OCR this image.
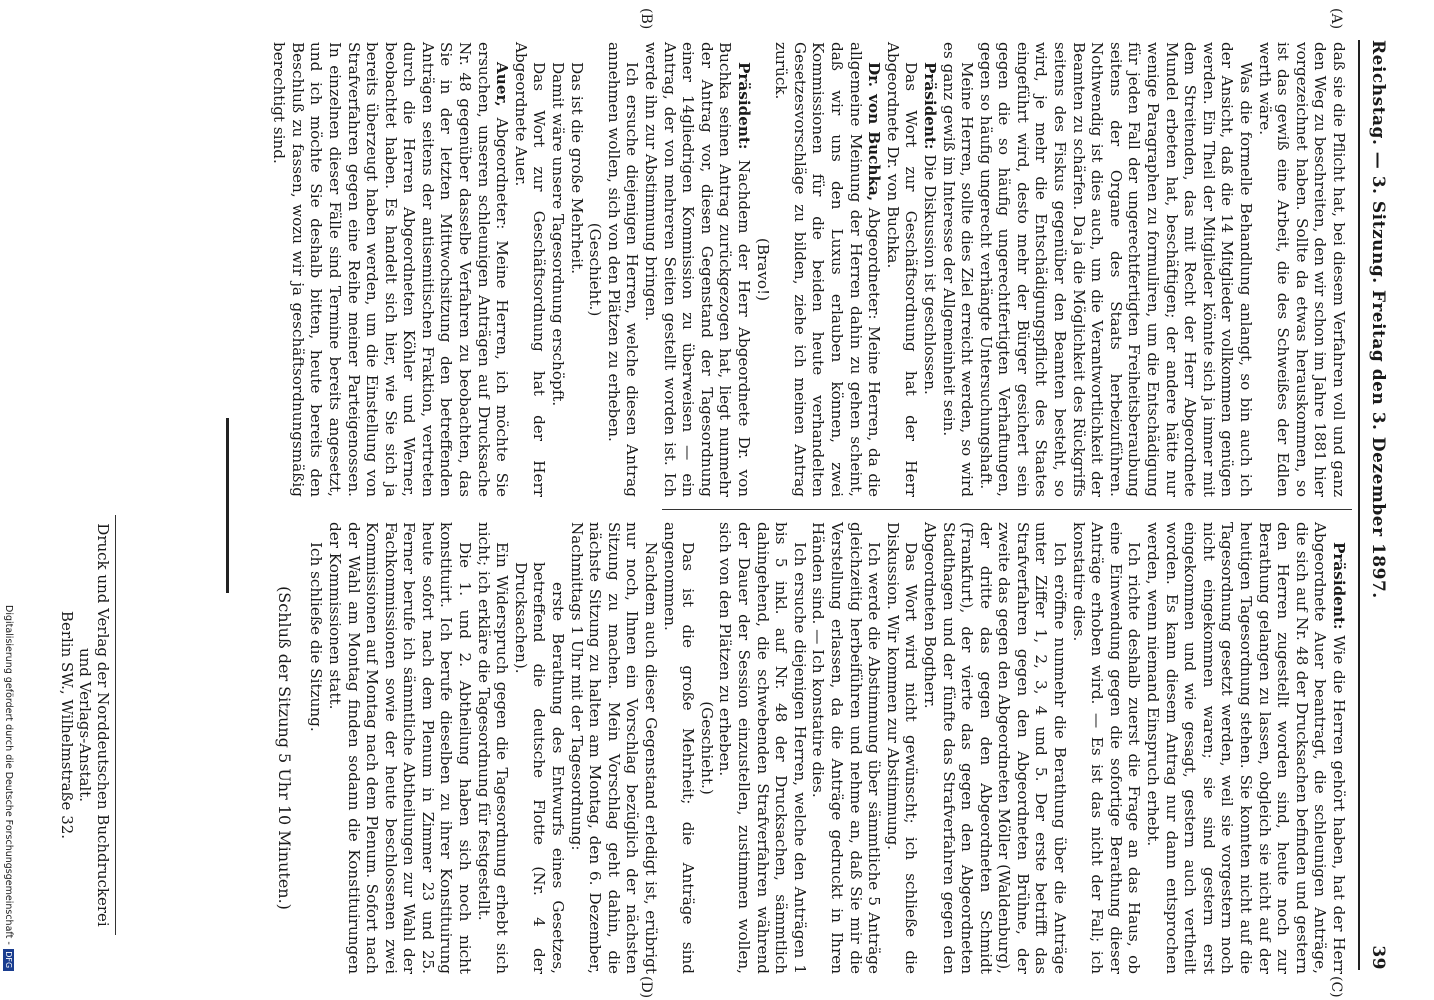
Reichstag. — 3. Sitzung. Freitag den 3. Dezember 1897.
39
(A)
(B)
(C)
(D)

daß sie die Pflicht hat, bei diesem Verfahren voll und ganz den Weg zu beschreiten, den wir schon im Jahre 1881 hier vorgezeichnet haben. Sollte da etwas herauskommen, so ist das gewiß eine Arbeit, die des Schweißes der Edlen werth wäre.

Was die formelle Behandlung anlangt, so bin auch ich der Ansicht, daß die 14 Mitglieder vollkommen genügen werden. Ein Theil der Mitglieder könnte sich ja immer mit dem Streitenden, das mit Recht der Herr Abgeordnete Mundel erbeten hat, beschäftigen; der andere hätte nur wenige Paragraphen zu formuliren, um die Entschädigung für jeden Fall der ungerechtfertigten Freiheitsberaubung seitens der Organe des Staats herbeizuführen. Nothwendig ist dies auch, um die Verantwortlichkeit der Beamten zu schärfen. Da ja die Möglichkeit des Rückgriffs seitens des Fiskus gegenüber den Beamten besteht, so wird, je mehr die Entschädigungspflicht des Staates eingeführt wird, desto mehr der Bürger gesichert sein gegen die so häufig ungerechtfertigten Verhaftungen, gegen so häufig ungerecht verhängte Untersuchungshaft.

Meine Herren, sollte dies Ziel erreicht werden, so wird es ganz gewiß im Interesse der Allgemeinheit sein.

Präsident: Die Diskussion ist geschlossen.

Das Wort zur Geschäftsordnung hat der Herr Abgeordnete Dr. von Buchka.

Dr. von Buchka, Abgeordneter: Meine Herren, da die allgemeine Meinung der Herren dahin zu gehen scheint, daß wir uns den Luxus erlauben können, zwei Kommissionen für die beiden heute verhandelten Gesetzesvorschläge zu bilden, ziehe ich meinen Antrag zurück.

(Bravo!)

Präsident: Nachdem der Herr Abgeordnete Dr. von Buchka seinen Antrag zurückgezogen hat, liegt nunmehr der Antrag vor, diesen Gegenstand der Tagesordnung einer 14gliedrigen Kommission zu überweisen — ein Antrag, der von mehreren Seiten gestellt worden ist. Ich werde ihn zur Abstimmung bringen.

Ich ersuche diejenigen Herren, welche diesen Antrag annehmen wollen, sich von den Plätzen zu erheben.

(Geschieht.)

Das ist die große Mehrheit.

Damit wäre unsere Tagesordnung erschöpft.

Das Wort zur Geschäftsordnung hat der Herr Abgeordnete Auer.

Auer, Abgeordneter: Meine Herren, ich möchte Sie ersuchen, unseren schleunigen Anträgen auf Drucksache Nr. 48 gegenüber dasselbe Verfahren zu beobachten, das Sie in der letzten Mittwochsitzung den betreffenden Anträgen seitens der antisemitischen Fraktion, vertreten durch die Herren Abgeordneten Köhler und Werner, beobachtet haben. Es handelt sich hier, wie Sie sich ja bereits überzeugt haben werden, um die Einstellung von Strafverfahren gegen eine Reihe meiner Parteigenossen. In einzelnen dieser Fälle sind Termine bereits angesetzt, und ich möchte Sie deshalb bitten, heute bereits den Beschluß zu fassen, wozu wir ja geschäftsordnungsmäßig berechtigt sind.

Präsident: Wie die Herren gehört haben, hat der Herr Abgeordnete Auer beantragt, die schleunigen Anträge, die sich auf Nr. 48 der Drucksachen befinden und gestern den Herren zugestellt worden sind, heute noch zur Berathung gelangen zu lassen, obgleich sie nicht auf der heutigen Tagesordnung stehen. Sie konnten nicht auf die Tagesordnung gesetzt werden, weil sie vorgestern noch nicht eingekommen waren; sie sind gestern erst eingekommen und wie gesagt, gestern auch vertheilt worden. Es kann diesem Antrag nur dann entsprochen werden, wenn niemand Einspruch erhebt.

Ich richte deshalb zuerst die Frage an das Haus, ob eine Einwendung gegen die sofortige Berathung dieser Anträge erhoben wird. — Es ist das nicht der Fall; ich konstatire dies.

Ich eröffne nunmehr die Berathung über die Anträge unter Ziffer 1, 2, 3, 4 und 5. Der erste betrifft das Strafverfahren gegen den Abgeordneten Brühne, der zweite das gegen den Abgeordneten Möller (Waldenburg), der dritte das gegen den Abgeordneten Schmidt (Frankfurt), der vierte das gegen den Abgeordneten Stadthagen und der fünfte das Strafverfahren gegen den Abgeordneten Bogtherr.

Das Wort wird nicht gewünscht; ich schließe die Diskussion. Wir kommen zur Abstimmung.

Ich werde die Abstimmung über sämmtliche 5 Anträge gleichzeitig herbeiführen und nehme an, daß Sie mir die Verstellung erlassen, da die Anträge gedruckt in Ihren Händen sind. — Ich konstatire dies.

Ich ersuche diejenigen Herren, welche den Anträgen 1 bis 5 inkl. auf Nr. 48 der Drucksachen, sämmtlich dahingehend, die schwebenden Strafverfahren während der Dauer der Session einzustellen, zustimmen wollen, sich von den Plätzen zu erheben.

(Geschieht.)

Das ist die große Mehrheit; die Anträge sind angenommen.

Nachdem auch dieser Gegenstand erledigt ist, erübrigt nur noch, Ihnen ein Vorschlag bezüglich der nächsten Sitzung zu machen. Mein Vorschlag geht dahin, die nächste Sitzung zu halten am Montag, den 6. Dezember, Nachmittags 1 Uhr mit der Tagesordnung:

erste Berathung des Entwurfs eines Gesetzes, betreffend die deutsche Flotte (Nr. 4 der Drucksachen).

Ein Widerspruch gegen die Tagesordnung erhebt sich nicht; ich erkläre die Tagesordnung für festgestellt.

Die 1. und 2. Abtheilung haben sich noch nicht konstituirt. Ich berufe dieselben zu ihrer Konstituirung heute sofort nach dem Plenum in Zimmer 23 und 25. Ferner berufe ich sämmtliche Abtheilungen zur Wahl der Fachkommissionen sowie der heute beschlossenen zwei Kommissionen auf Montag nach dem Plenum. Sofort nach der Wahl am Montag finden sodann die Konstituirungen der Kommissionen statt.

Ich schließe die Sitzung.

(Schluß der Sitzung 5 Uhr 10 Minuten.)

Druck und Verlag der Norddeutschen Buchdruckerei und Verlags-Anstalt.
Berlin SW., Wilhelmstraße 32.
Digitalisierung gefördert durch die Deutsche Forschungsgemeinschaft -DFG
